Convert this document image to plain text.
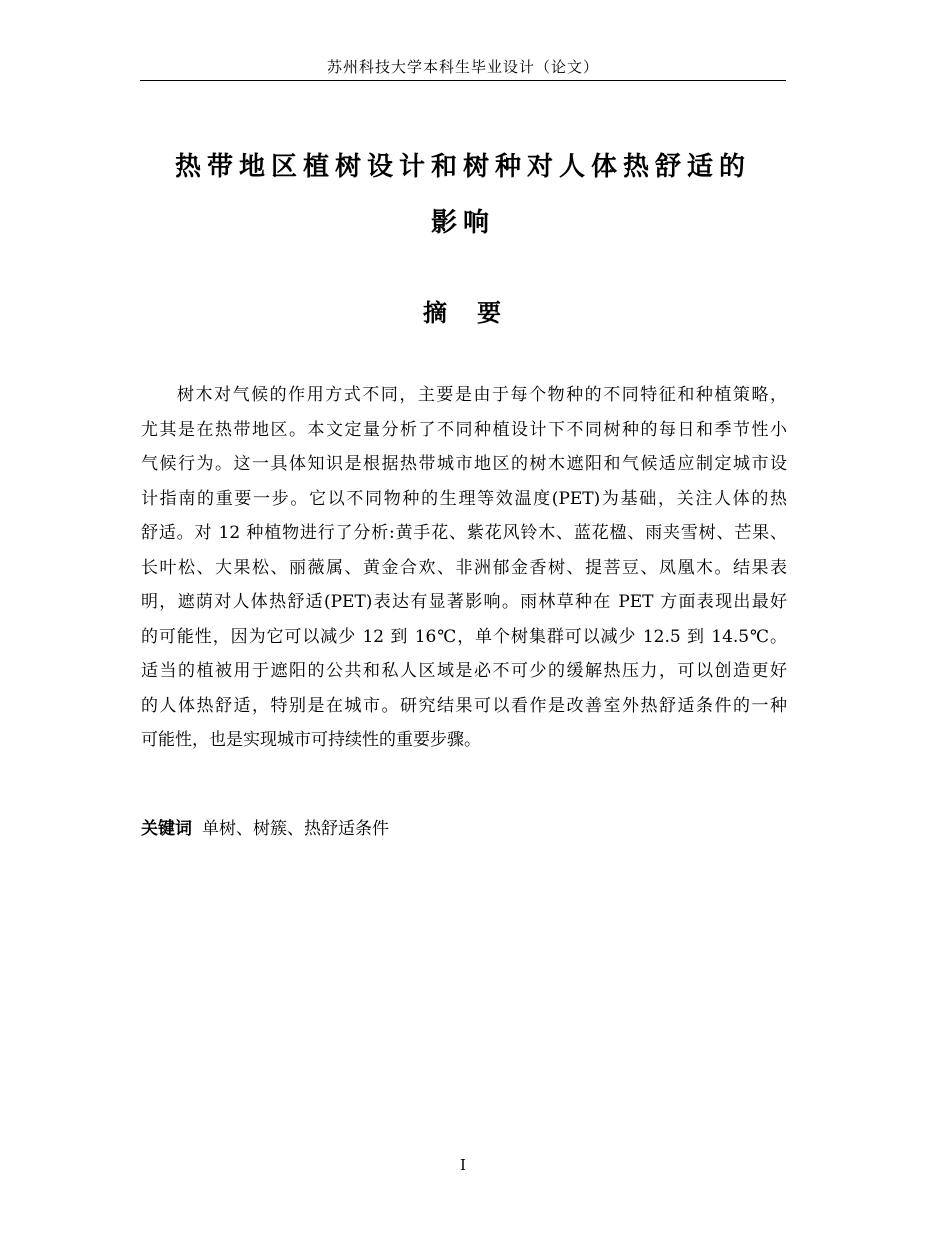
苏州科技大学本科生毕业设计（论文）
热带地区植树设计和树种对人体热舒适的
影响
摘 要
树木对气候的作用方式不同，主要是由于每个物种的不同特征和种植策略，
尤其是在热带地区。本文定量分析了不同种植设计下不同树种的每日和季节性小
气候行为。这一具体知识是根据热带城市地区的树木遮阳和气候适应制定城市设
计指南的重要一步。它以不同物种的生理等效温度(PET)为基础，关注人体的热
舒适。对 12 种植物进行了分析:黄手花、紫花风铃木、蓝花楹、雨夹雪树、芒果、
长叶松、大果松、丽薇属、黄金合欢、非洲郁金香树、提菩豆、凤凰木。结果表
明，遮荫对人体热舒适(PET)表达有显著影响。雨林草种在 PET 方面表现出最好
的可能性，因为它可以减少 12 到 16℃，单个树集群可以减少 12.5 到 14.5℃。
适当的植被用于遮阳的公共和私人区域是必不可少的缓解热压力，可以创造更好
的人体热舒适，特别是在城市。研究结果可以看作是改善室外热舒适条件的一种
可能性，也是实现城市可持续性的重要步骤。
关键词 单树、树簇、热舒适条件
I
